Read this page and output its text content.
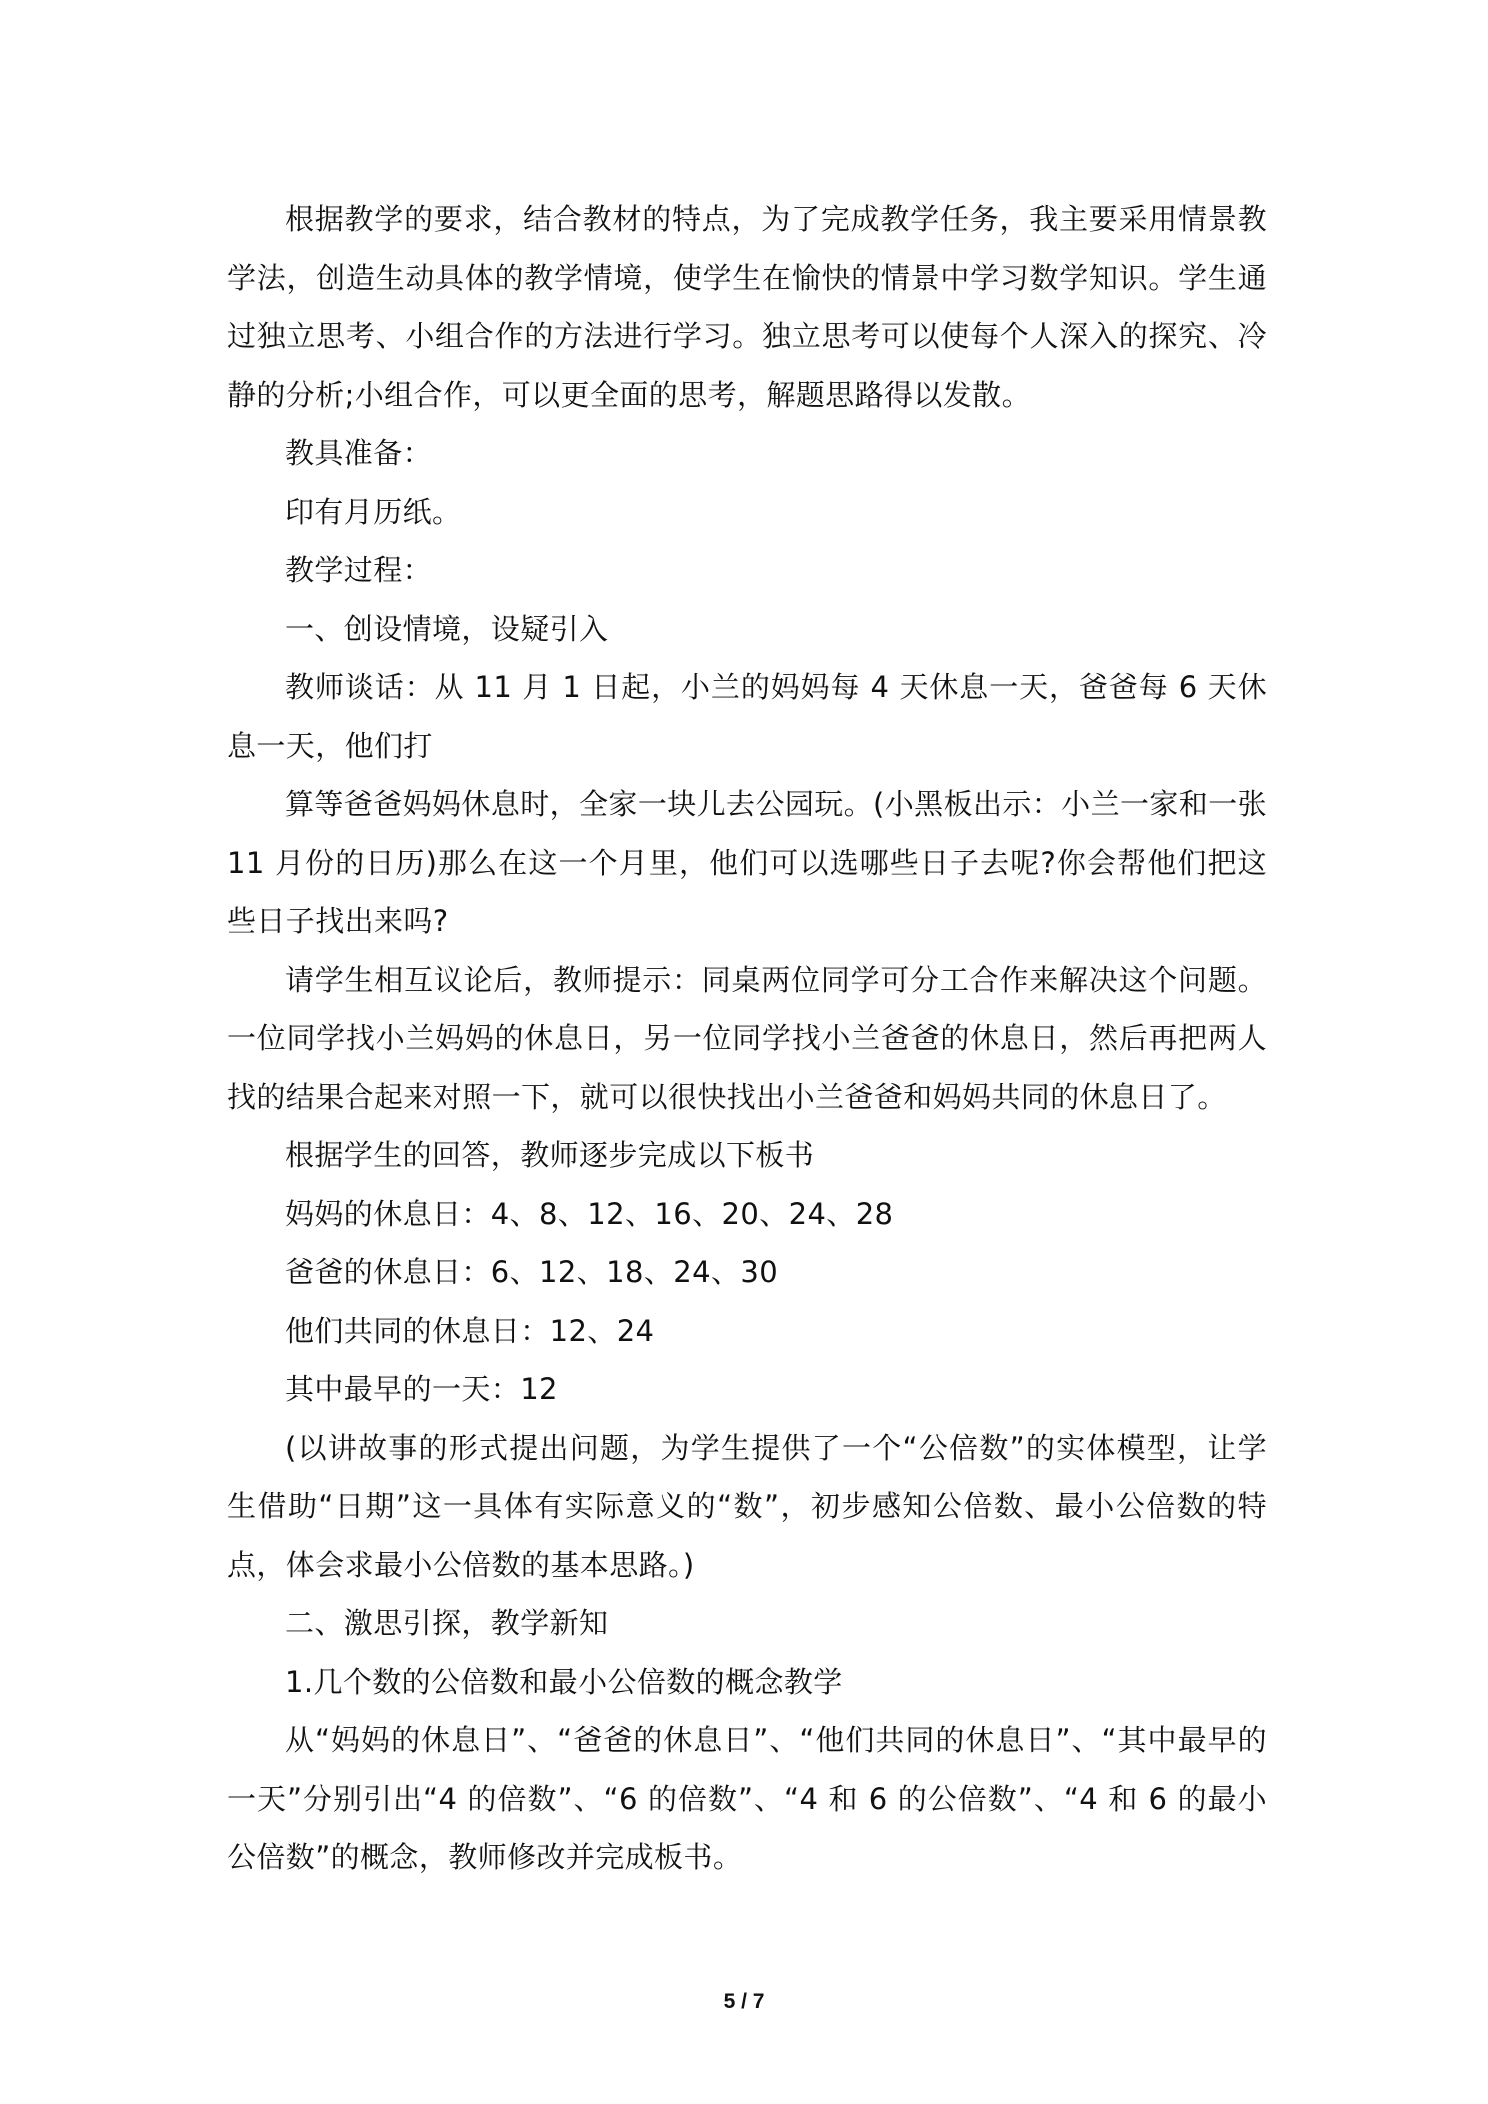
根据教学的要求，结合教材的特点，为了完成教学任务，我主要采用情景教学法，创造生动具体的教学情境，使学生在愉快的情景中学习数学知识。学生通过独立思考、小组合作的方法进行学习。独立思考可以使每个人深入的探究、冷静的分析;小组合作，可以更全面的思考，解题思路得以发散。

教具准备：

印有月历纸。

教学过程：

一、创设情境，设疑引入

教师谈话：从 11 月 1 日起，小兰的妈妈每 4 天休息一天，爸爸每 6 天休息一天，他们打

算等爸爸妈妈休息时，全家一块儿去公园玩。(小黑板出示：小兰一家和一张 11 月份的日历)那么在这一个月里，他们可以选哪些日子去呢?你会帮他们把这些日子找出来吗?

请学生相互议论后，教师提示：同桌两位同学可分工合作来解决这个问题。一位同学找小兰妈妈的休息日，另一位同学找小兰爸爸的休息日，然后再把两人找的结果合起来对照一下，就可以很快找出小兰爸爸和妈妈共同的休息日了。

根据学生的回答，教师逐步完成以下板书

妈妈的休息日：4、8、12、16、20、24、28

爸爸的休息日：6、12、18、24、30

他们共同的休息日：12、24

其中最早的一天：12

(以讲故事的形式提出问题，为学生提供了一个“公倍数”的实体模型，让学生借助“日期”这一具体有实际意义的“数”，初步感知公倍数、最小公倍数的特点，体会求最小公倍数的基本思路。)

二、激思引探，教学新知

1.几个数的公倍数和最小公倍数的概念教学

从“妈妈的休息日”、“爸爸的休息日”、“他们共同的休息日”、“其中最早的一天”分别引出“4 的倍数”、“6 的倍数”、“4 和 6 的公倍数”、“4 和 6 的最小公倍数”的概念，教师修改并完成板书。

5 / 7
